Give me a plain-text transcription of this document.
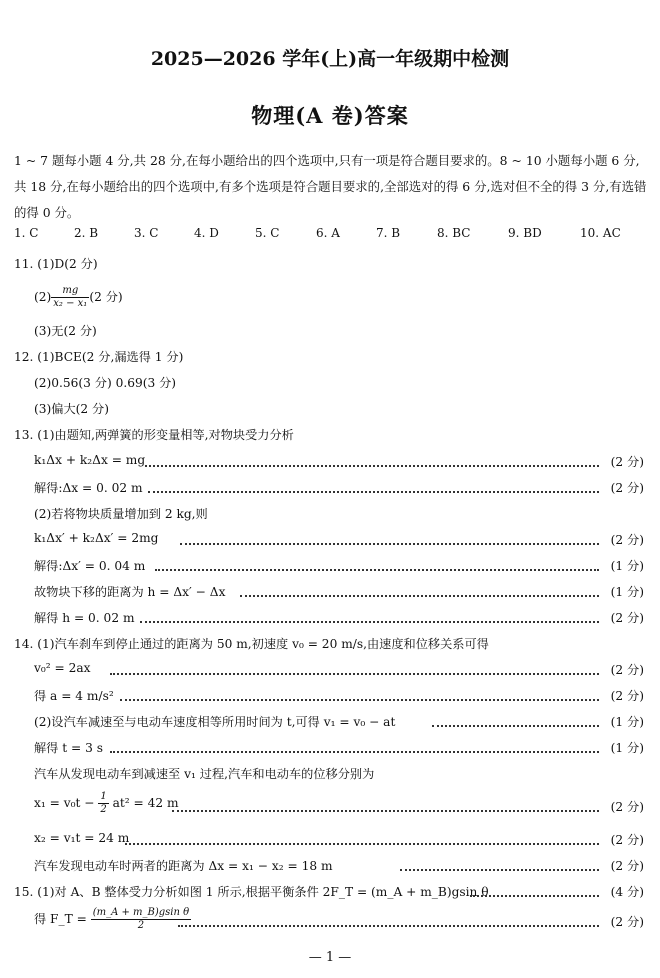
2025—2026 学年(上)高一年级期中检测
物理(A 卷)答案
1 ~ 7 题每小题 4 分,共 28 分,在每小题给出的四个选项中,只有一项是符合题目要求的。8 ~ 10 小题每小题 6 分,共 18 分,在每小题给出的四个选项中,有多个选项是符合题目要求的,全部选对的得 6 分,选对但不全的得 3 分,有选错的得 0 分。
1. C	2. B	3. C	4. D	5. C	6. A	7. B	8. BC	9. BD	10. AC
11. (1)D(2 分)
$(2) \frac{mg}{\text{x₂ − x₁}} (2$ 分)
(3)无(2 分)
12. (1)BCE(2 分,漏选得 1 分)
(2)0.56(3 分) 0.69(3 分)
(3)偏大(2 分)
13. (1)由题知,两弹簧的形变量相等,对物块受力分析
k₁Δx + k₂Δx = mg	(2 分)
解得:Δx = 0. 02 m	(2 分)
(2)若将物块质量增加到 2 kg,则
k₁Δx′ + k₂Δx′ = 2mg	(2 分)
解得:Δx′ = 0. 04 m	(1 分)
故物块下移的距离为 h = Δx′ − Δx	(1 分)
解得 h = 0. 02 m	(2 分)
14. (1)汽车刹车到停止通过的距离为 50 m,初速度 v₀ = 20 m/s,由速度和位移关系可得
v₀² = 2ax	(2 分)
得 a = 4 m/s²	(2 分)
(2)设汽车减速至与电动车速度相等所用时间为 t,可得 v₁ = v₀ − at	(1 分)
解得 t = 3 s	(1 分)
汽车从发现电动车到减速至 v₁ 过程,汽车和电动车的位移分别为
$x_1 = v_0t - \frac{1}{2} at^2 = 42$ m	(2 分)
x₂ = v₁t = 24 m	(2 分)
汽车发现电动车时两者的距离为 Δx = x₁ − x₂ = 18 m	(2 分)
15. (1)对 A、B 整体受力分析如图 1 所示,根据平衡条件 2F_T = (m_A + m_B)gsin θ	(4 分)
得 F_T = $\frac{\text{(m\_A + m\_B)gsin θ}}{2}$	(2 分)
— 1 —
